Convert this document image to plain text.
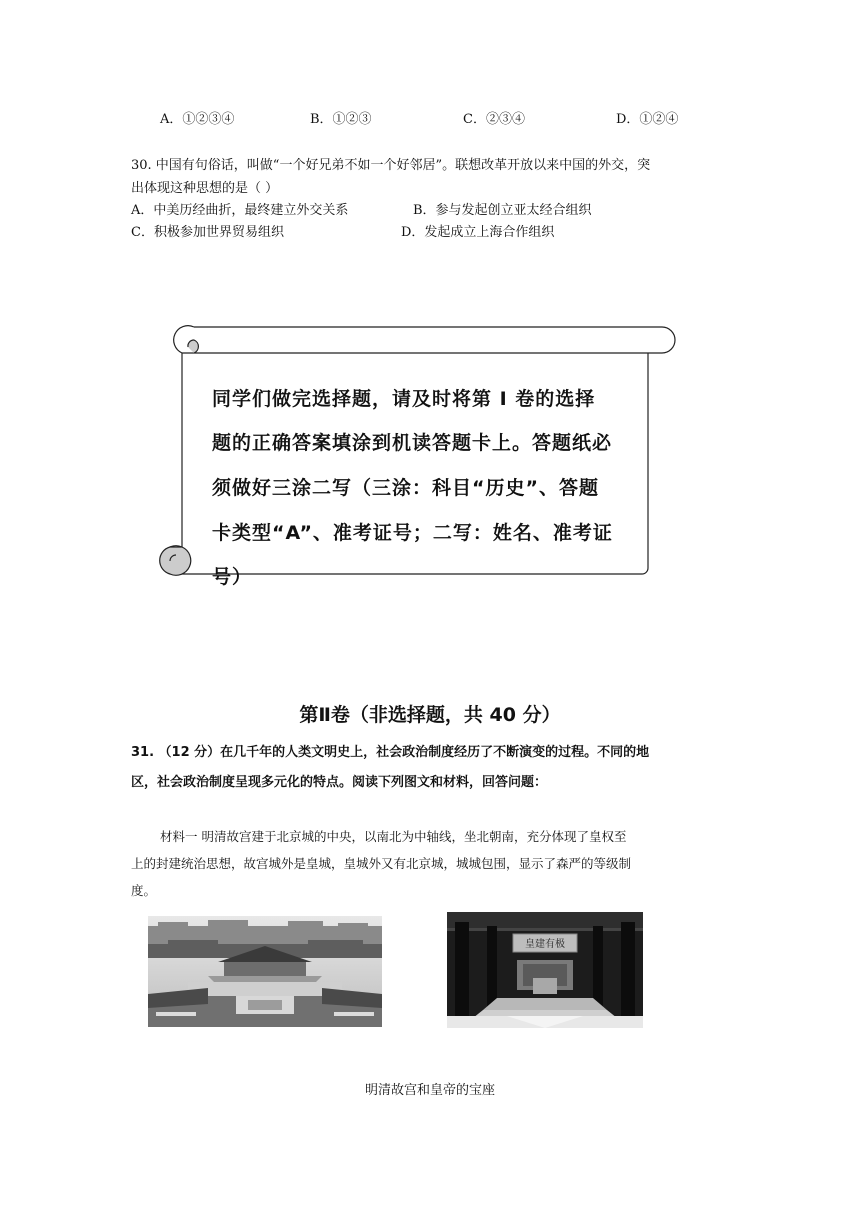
A．①②③④	B．①②③	C．②③④	D．①②④
30. 中国有句俗话，叫做“一个好兄弟不如一个好邻居”。联想改革开放以来中国的外交，突
出体现这种思想的是（ ）
A．中美历经曲折，最终建立外交关系	B．参与发起创立亚太经合组织
C．积极参加世界贸易组织	D．发起成立上海合作组织
同学们做完选择题，请及时将第 I 卷的选择
题的正确答案填涂到机读答题卡上。答题纸必
须做好三涂二写（三涂：科目“历史”、答题
卡类型“A”、准考证号；二写：姓名、准考证
号）
第Ⅱ卷（非选择题，共 40 分）
31. （12 分）在几千年的人类文明史上，社会政治制度经历了不断演变的过程。不同的地
区，社会政治制度呈现多元化的特点。阅读下列图文和材料，回答问题：
材料一 明清故宫建于北京城的中央，以南北为中轴线，坐北朝南，充分体现了皇权至
上的封建统治思想，故宫城外是皇城，皇城外又有北京城，城城包围，显示了森严的等级制
度。
皇建有极
明清故宫和皇帝的宝座
